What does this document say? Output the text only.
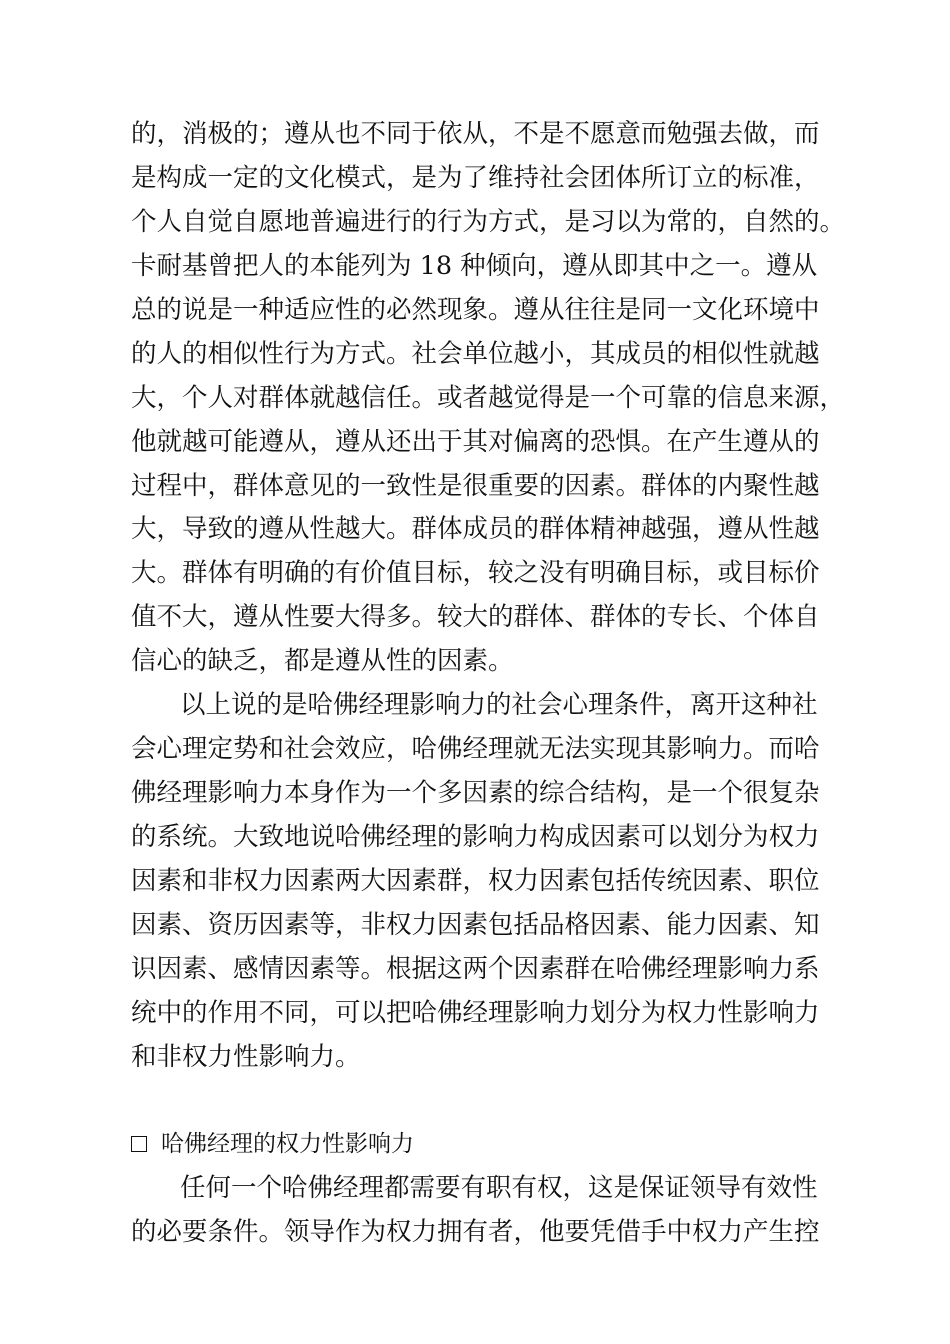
的，消极的；遵从也不同于依从，不是不愿意而勉强去做，而
是构成一定的文化模式，是为了维持社会团体所订立的标准，
个人自觉自愿地普遍进行的行为方式，是习以为常的，自然的。
卡耐基曾把人的本能列为 18 种倾向，遵从即其中之一。遵从
总的说是一种适应性的必然现象。遵从往往是同一文化环境中
的人的相似性行为方式。社会单位越小，其成员的相似性就越
大，个人对群体就越信任。或者越觉得是一个可靠的信息来源，
他就越可能遵从，遵从还出于其对偏离的恐惧。在产生遵从的
过程中，群体意见的一致性是很重要的因素。群体的内聚性越
大，导致的遵从性越大。群体成员的群体精神越强，遵从性越
大。群体有明确的有价值目标，较之没有明确目标，或目标价
值不大，遵从性要大得多。较大的群体、群体的专长、个体自
信心的缺乏，都是遵从性的因素。
以上说的是哈佛经理影响力的社会心理条件，离开这种社
会心理定势和社会效应，哈佛经理就无法实现其影响力。而哈
佛经理影响力本身作为一个多因素的综合结构，是一个很复杂
的系统。大致地说哈佛经理的影响力构成因素可以划分为权力
因素和非权力因素两大因素群，权力因素包括传统因素、职位
因素、资历因素等，非权力因素包括品格因素、能力因素、知
识因素、感情因素等。根据这两个因素群在哈佛经理影响力系
统中的作用不同，可以把哈佛经理影响力划分为权力性影响力
和非权力性影响力。
哈佛经理的权力性影响力
任何一个哈佛经理都需要有职有权，这是保证领导有效性
的必要条件。领导作为权力拥有者，他要凭借手中权力产生控
